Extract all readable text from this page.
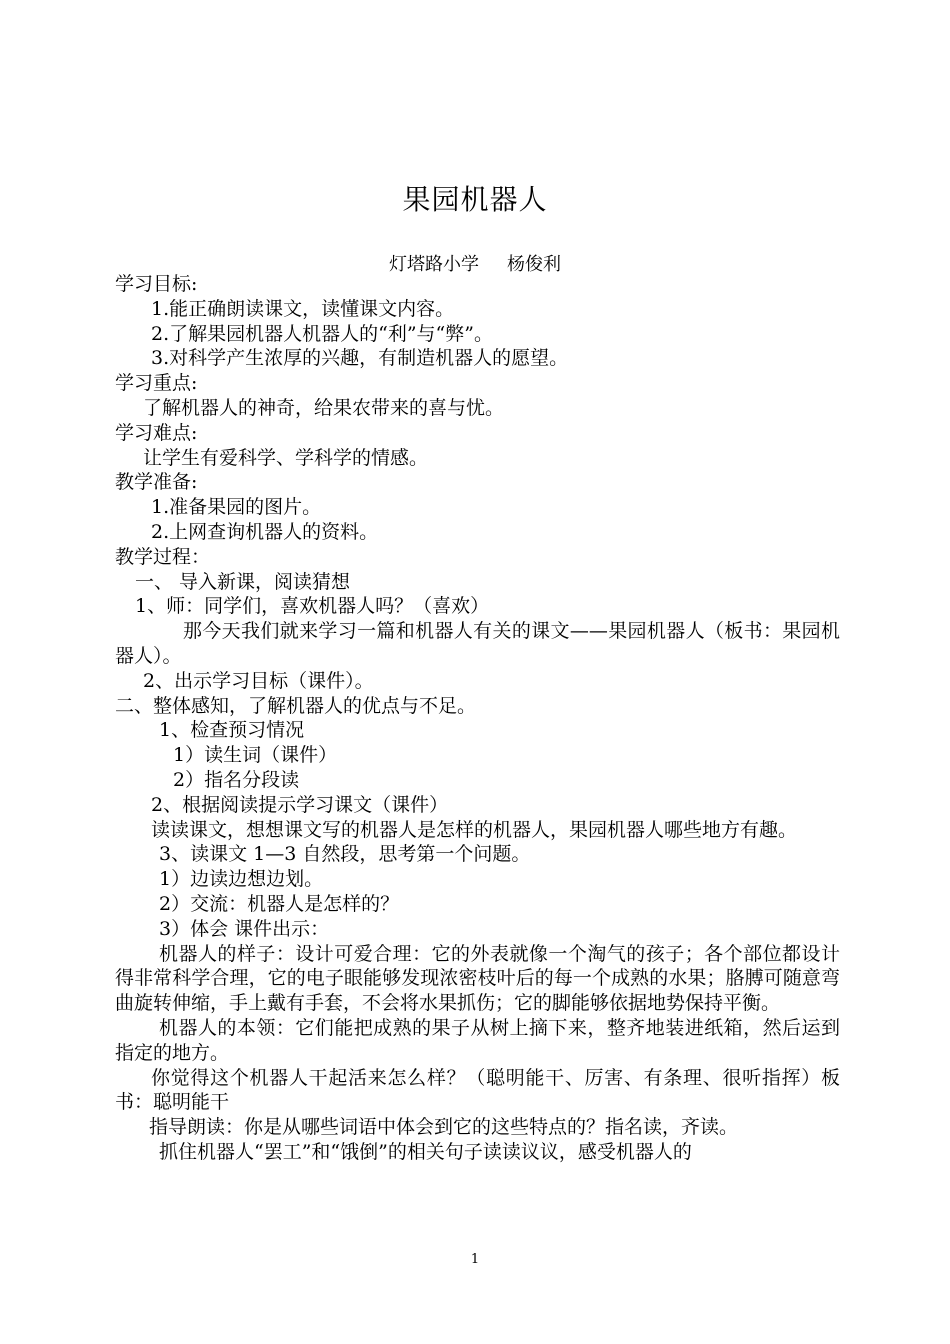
果园机器人
灯塔路小学 杨俊利
学习目标:
1.能正确朗读课文，读懂课文内容。
2.了解果园机器人机器人的“利”与“弊”。
3.对科学产生浓厚的兴趣，有制造机器人的愿望。
学习重点:
了解机器人的神奇，给果农带来的喜与忧。
学习难点:
让学生有爱科学、学科学的情感。
教学准备:
1.准备果园的图片。
2.上网查询机器人的资料。
教学过程：
一、 导入新课，阅读猜想
1、师：同学们，喜欢机器人吗？（喜欢）
那今天我们就来学习一篇和机器人有关的课文——果园机器人（板书：果园机器人）。
2、出示学习目标（课件）。
二、整体感知，了解机器人的优点与不足。
1、检查预习情况
1）读生词（课件）
2）指名分段读
2、根据阅读提示学习课文（课件）
读读课文，想想课文写的机器人是怎样的机器人，果园机器人哪些地方有趣。
3、读课文 1—3 自然段，思考第一个问题。
1）边读边想边划。
2）交流：机器人是怎样的？
3）体会 课件出示：
机器人的样子：设计可爱合理：它的外表就像一个淘气的孩子；各个部位都设计得非常科学合理，它的电子眼能够发现浓密枝叶后的每一个成熟的水果；胳膊可随意弯曲旋转伸缩，手上戴有手套，不会将水果抓伤；它的脚能够依据地势保持平衡。
机器人的本领：它们能把成熟的果子从树上摘下来，整齐地装进纸箱，然后运到指定的地方。
你觉得这个机器人干起活来怎么样？（聪明能干、厉害、有条理、很听指挥）板书：聪明能干
指导朗读：你是从哪些词语中体会到它的这些特点的？指名读，齐读。
抓住机器人“罢工”和“饿倒”的相关句子读读议议，感受机器人的
1
